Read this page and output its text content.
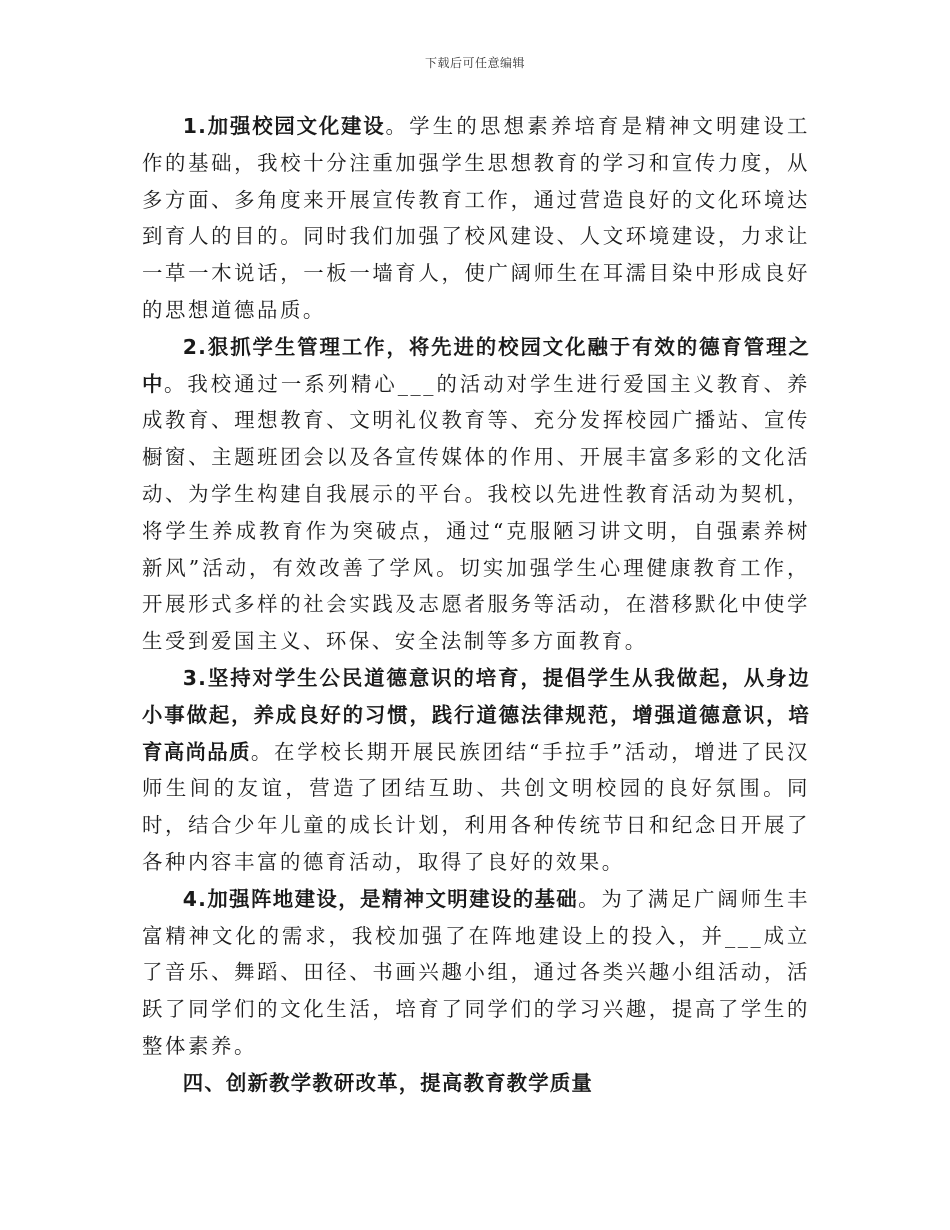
下载后可任意编辑

1.加强校园文化建设。学生的思想素养培育是精神文明建设工作的基础，我校十分注重加强学生思想教育的学习和宣传力度，从多方面、多角度来开展宣传教育工作，通过营造良好的文化环境达到育人的目的。同时我们加强了校风建设、人文环境建设，力求让一草一木说话，一板一墙育人，使广阔师生在耳濡目染中形成良好的思想道德品质。

2.狠抓学生管理工作，将先进的校园文化融于有效的德育管理之中。我校通过一系列精心___的活动对学生进行爱国主义教育、养成教育、理想教育、文明礼仪教育等、充分发挥校园广播站、宣传橱窗、主题班团会以及各宣传媒体的作用、开展丰富多彩的文化活动、为学生构建自我展示的平台。我校以先进性教育活动为契机，将学生养成教育作为突破点，通过“克服陋习讲文明，自强素养树新风”活动，有效改善了学风。切实加强学生心理健康教育工作，开展形式多样的社会实践及志愿者服务等活动，在潜移默化中使学生受到爱国主义、环保、安全法制等多方面教育。

3.坚持对学生公民道德意识的培育，提倡学生从我做起，从身边小事做起，养成良好的习惯，践行道德法律规范，增强道德意识，培育高尚品质。在学校长期开展民族团结“手拉手”活动，增进了民汉师生间的友谊，营造了团结互助、共创文明校园的良好氛围。同时，结合少年儿童的成长计划，利用各种传统节日和纪念日开展了各种内容丰富的德育活动，取得了良好的效果。

4.加强阵地建设，是精神文明建设的基础。为了满足广阔师生丰富精神文化的需求，我校加强了在阵地建设上的投入，并___成立了音乐、舞蹈、田径、书画兴趣小组，通过各类兴趣小组活动，活跃了同学们的文化生活，培育了同学们的学习兴趣，提高了学生的整体素养。

四、创新教学教研改革，提高教育教学质量
